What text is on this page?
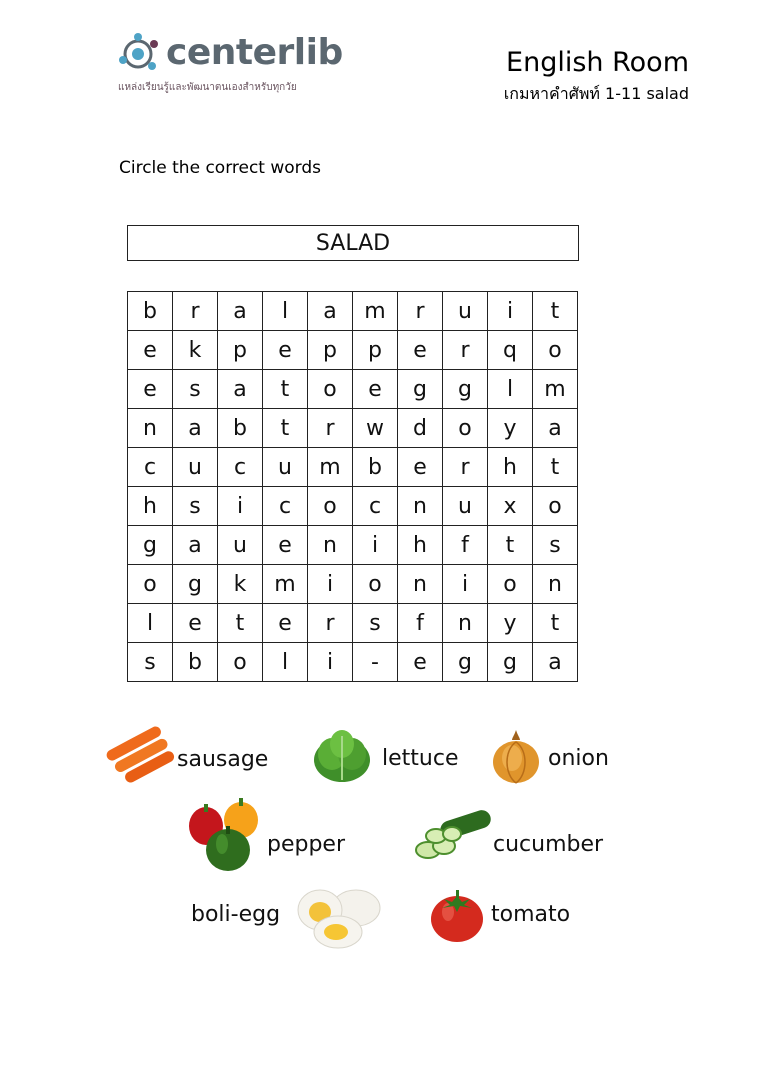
centerlib
แหล่งเรียนรู้และพัฒนาตนเองสำหรับทุกวัย
English Room
เกมหาคำศัพท์ 1-11 salad
Circle the correct words
SALAD
b	r	a	l	a	m	r	u	i	t
e	k	p	e	p	p	e	r	q	o
e	s	a	t	o	e	g	g	l	m
n	a	b	t	r	w	d	o	y	a
c	u	c	u	m	b	e	r	h	t
h	s	i	c	o	c	n	u	x	o
g	a	u	e	n	i	h	f	t	s
o	g	k	m	i	o	n	i	o	n
l	e	t	e	r	s	f	n	y	t
s	b	o	l	i	-	e	g	g	a
sausage	lettuce	onion
pepper	cucumber
boli-egg	tomato
